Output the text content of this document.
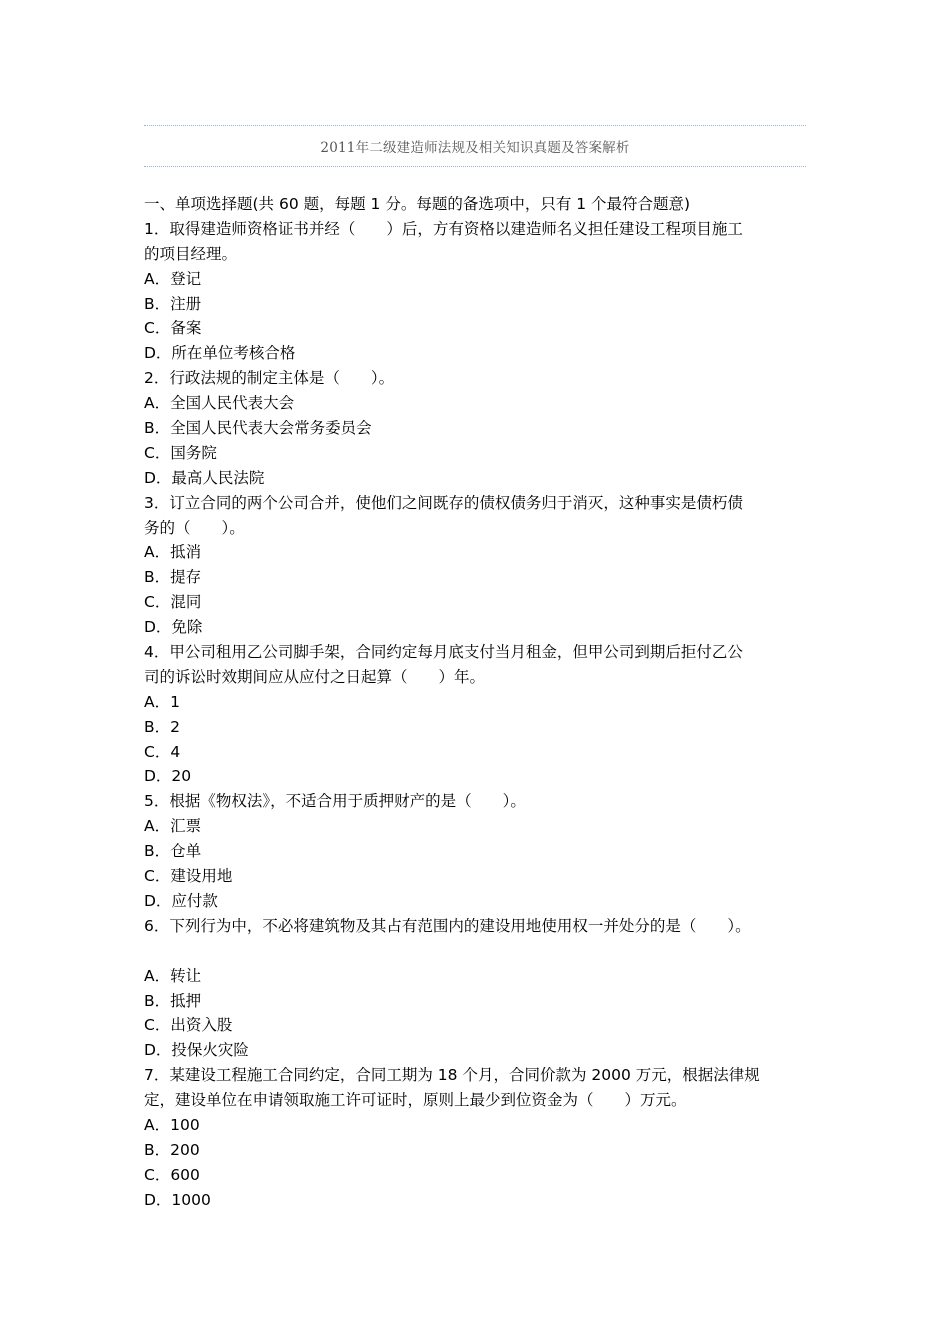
2011年二级建造师法规及相关知识真题及答案解析
一、单项选择题(共 60 题，每题 1 分。每题的备选项中，只有 1 个最符合题意)
1．取得建造师资格证书并经（　　）后，方有资格以建造师名义担任建设工程项目施工
的项目经理。
A．登记
B．注册
C．备案
D．所在单位考核合格
2．行政法规的制定主体是（　　）。
A．全国人民代表大会
B．全国人民代表大会常务委员会
C．国务院
D．最高人民法院
3．订立合同的两个公司合并，使他们之间既存的债权债务归于消灭，这种事实是债朽债
务的（　　）。
A．抵消
B．提存
C．混同
D．免除
4．甲公司租用乙公司脚手架，合同约定每月底支付当月租金，但甲公司到期后拒付乙公
司的诉讼时效期间应从应付之日起算（　　）年。
A．1
B．2
C．4
D．20
5．根据《物权法》，不适合用于质押财产的是（　　）。
A．汇票
B．仓单
C．建设用地
D．应付款
6．下列行为中，不必将建筑物及其占有范围内的建设用地使用权一并处分的是（　　）。
A．转让
B．抵押
C．出资入股
D．投保火灾险
7．某建设工程施工合同约定，合同工期为 18 个月，合同价款为 2000 万元，根据法律规
定，建设单位在申请领取施工许可证时，原则上最少到位资金为（　　）万元。
A．100
B．200
C．600
D．1000
